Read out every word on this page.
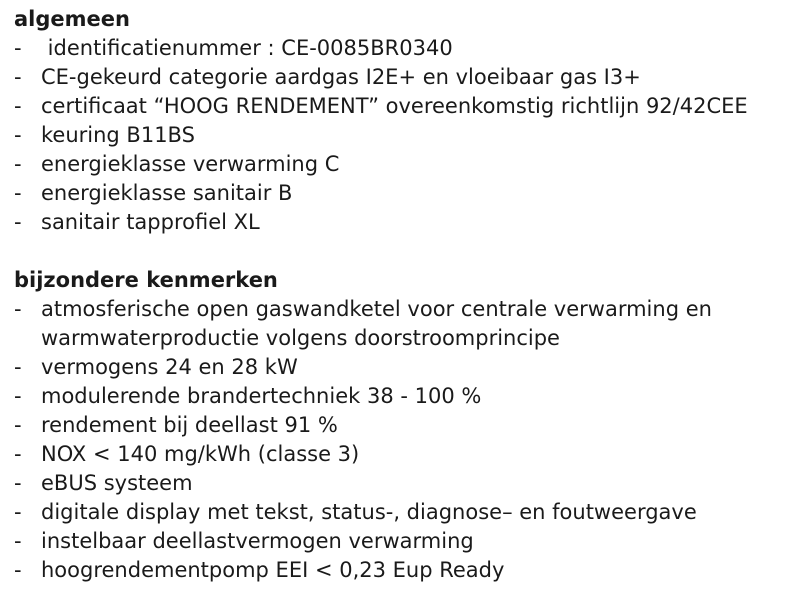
algemeen
- identificatienummer : CE-0085BR0340
- CE-gekeurd categorie aardgas I2E+ en vloeibaar gas I3+
- certificaat “HOOG RENDEMENT” overeenkomstig richtlijn 92/42CEE
- keuring B11BS
- energieklasse verwarming C
- energieklasse sanitair B
- sanitair tapprofiel XL
bijzondere kenmerken
- atmosferische open gaswandketel voor centrale verwarming en warmwaterproductie volgens doorstroomprincipe
- vermogens 24 en 28 kW
- modulerende brandertechniek 38 - 100 %
- rendement bij deellast 91 %
- NOX < 140 mg/kWh (classe 3)
- eBUS systeem
- digitale display met tekst, status-, diagnose– en foutweergave
- instelbaar deellastvermogen verwarming
- hoogrendementpomp EEI < 0,23 Eup Ready
